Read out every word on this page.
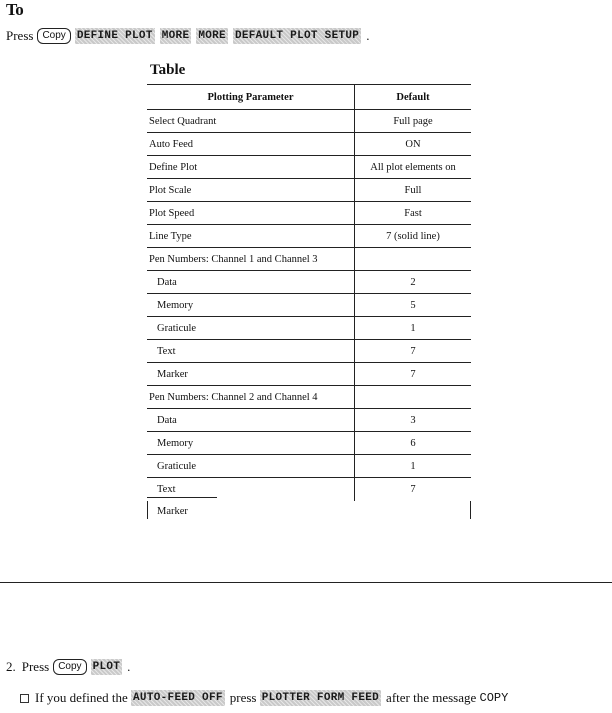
To
Press Copy	DEFINE PLOT MORE MORE DEFAULT PLOT SETUP .
Table
Plotting Parameter	Default
Select Quadrant	Full page
Auto Feed	ON
Define Plot	All plot elements on
Plot Scale	Full
Plot Speed	Fast
Line Type	7 (solid line)
Pen Numbers: Channel 1 and Channel 3
Data	2
Memory	5
Graticule	1
Text	7
Marker	7
Pen Numbers: Channel 2 and Channel 4
Data	3
Memory	6
Graticule	1
Text	7
Marker
2. Press Copy	PLOT .
If you defined the
AUTO-FEED OFF press
PLOTTER FORM FEED after the message
COPY
